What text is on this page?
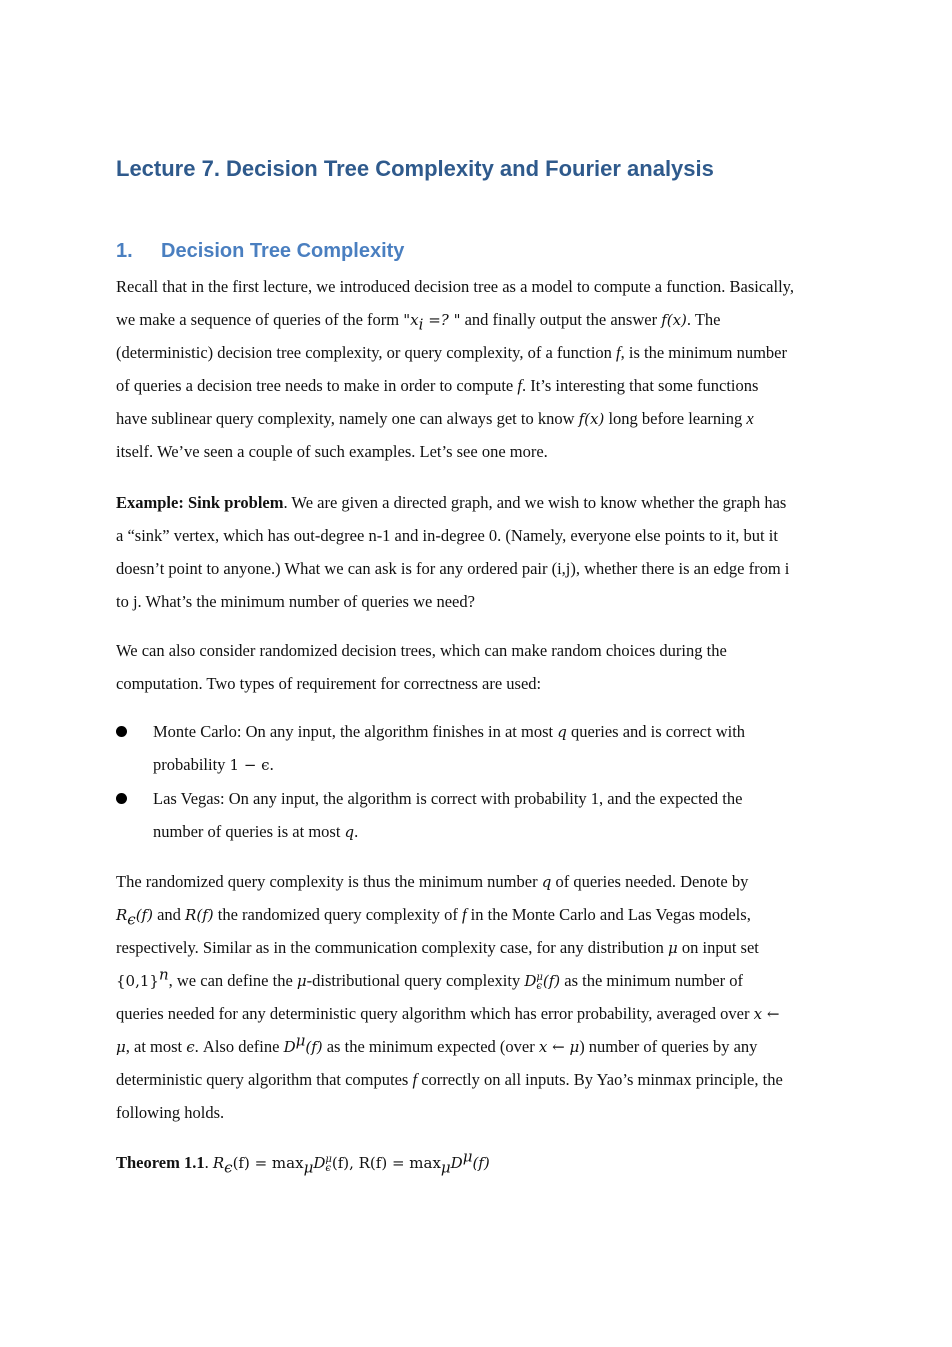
Lecture 7. Decision Tree Complexity and Fourier analysis
1. Decision Tree Complexity
Recall that in the first lecture, we introduced decision tree as a model to compute a function. Basically,
we make a sequence of queries of the form "$x_i$ =? " and finally output the answer f(x). The
(deterministic) decision tree complexity, or query complexity, of a function f, is the minimum number
of queries a decision tree needs to make in order to compute f. It’s interesting that some functions
have sublinear query complexity, namely one can always get to know f(x) long before learning x
itself. We’ve seen a couple of such examples. Let’s see one more.
Example: Sink problem. We are given a directed graph, and we wish to know whether the graph has
a “sink” vertex, which has out-degree n-1 and in-degree 0. (Namely, everyone else points to it, but it
doesn’t point to anyone.) What we can ask is for any ordered pair (i,j), whether there is an edge from i
to j. What’s the minimum number of queries we need?
We can also consider randomized decision trees, which can make random choices during the
computation. Two types of requirement for correctness are used:
Monte Carlo: On any input, the algorithm finishes in at most q queries and is correct with
probability 1 − ϵ.
Las Vegas: On any input, the algorithm is correct with probability 1, and the expected the
number of queries is at most q.
The randomized query complexity is thus the minimum number q of queries needed. Denote by
$R_\epsilon(f)$ and R(f) the randomized query complexity of f in the Monte Carlo and Las Vegas models,
respectively. Similar as in the communication complexity case, for any distribution μ on input set
$\{0,1\}^n$, we can define the μ-distributional query complexity D μ
ϵ (f) as the minimum number of
queries needed for any deterministic query algorithm which has error probability, averaged over x ←
μ, at most ϵ. Also define $D^\mu(f)$ as the minimum expected (over x ← μ) number of queries by any
deterministic query algorithm that computes f correctly on all inputs. By Yao’s minmax principle, the
following holds.
Theorem 1.1. $R_\epsilon(f) = \max_\mu D$ μ
ϵ (f), $R(f) = \max_\mu D^\mu(f)$
